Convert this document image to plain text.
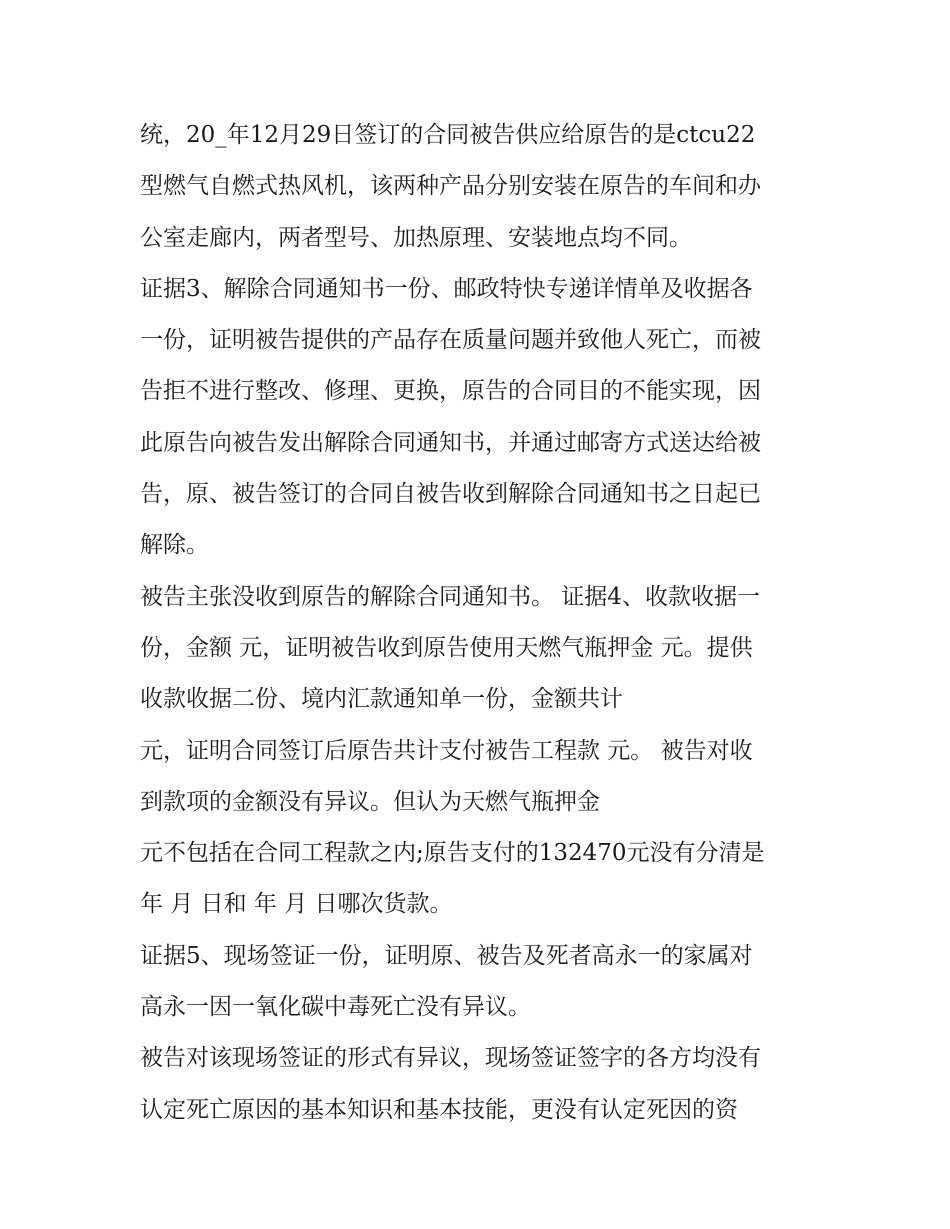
统，20_年12月29日签订的合同被告供应给原告的是ctcu22
型燃气自燃式热风机，该两种产品分别安装在原告的车间和办
公室走廊内，两者型号、加热原理、安装地点均不同。
证据3、解除合同通知书一份、邮政特快专递详情单及收据各
一份，证明被告提供的产品存在质量问题并致他人死亡，而被
告拒不进行整改、修理、更换，原告的合同目的不能实现，因
此原告向被告发出解除合同通知书，并通过邮寄方式送达给被
告，原、被告签订的合同自被告收到解除合同通知书之日起已
解除。
被告主张没收到原告的解除合同通知书。 证据4、收款收据一
份，金额 元，证明被告收到原告使用天燃气瓶押金 元。提供
收款收据二份、境内汇款通知单一份，金额共计
元，证明合同签订后原告共计支付被告工程款 元。 被告对收
到款项的金额没有异议。但认为天燃气瓶押金
元不包括在合同工程款之内;原告支付的132470元没有分清是
年 月 日和 年 月 日哪次货款。
证据5、现场签证一份，证明原、被告及死者高永一的家属对
高永一因一氧化碳中毒死亡没有异议。
被告对该现场签证的形式有异议，现场签证签字的各方均没有
认定死亡原因的基本知识和基本技能，更没有认定死因的资
